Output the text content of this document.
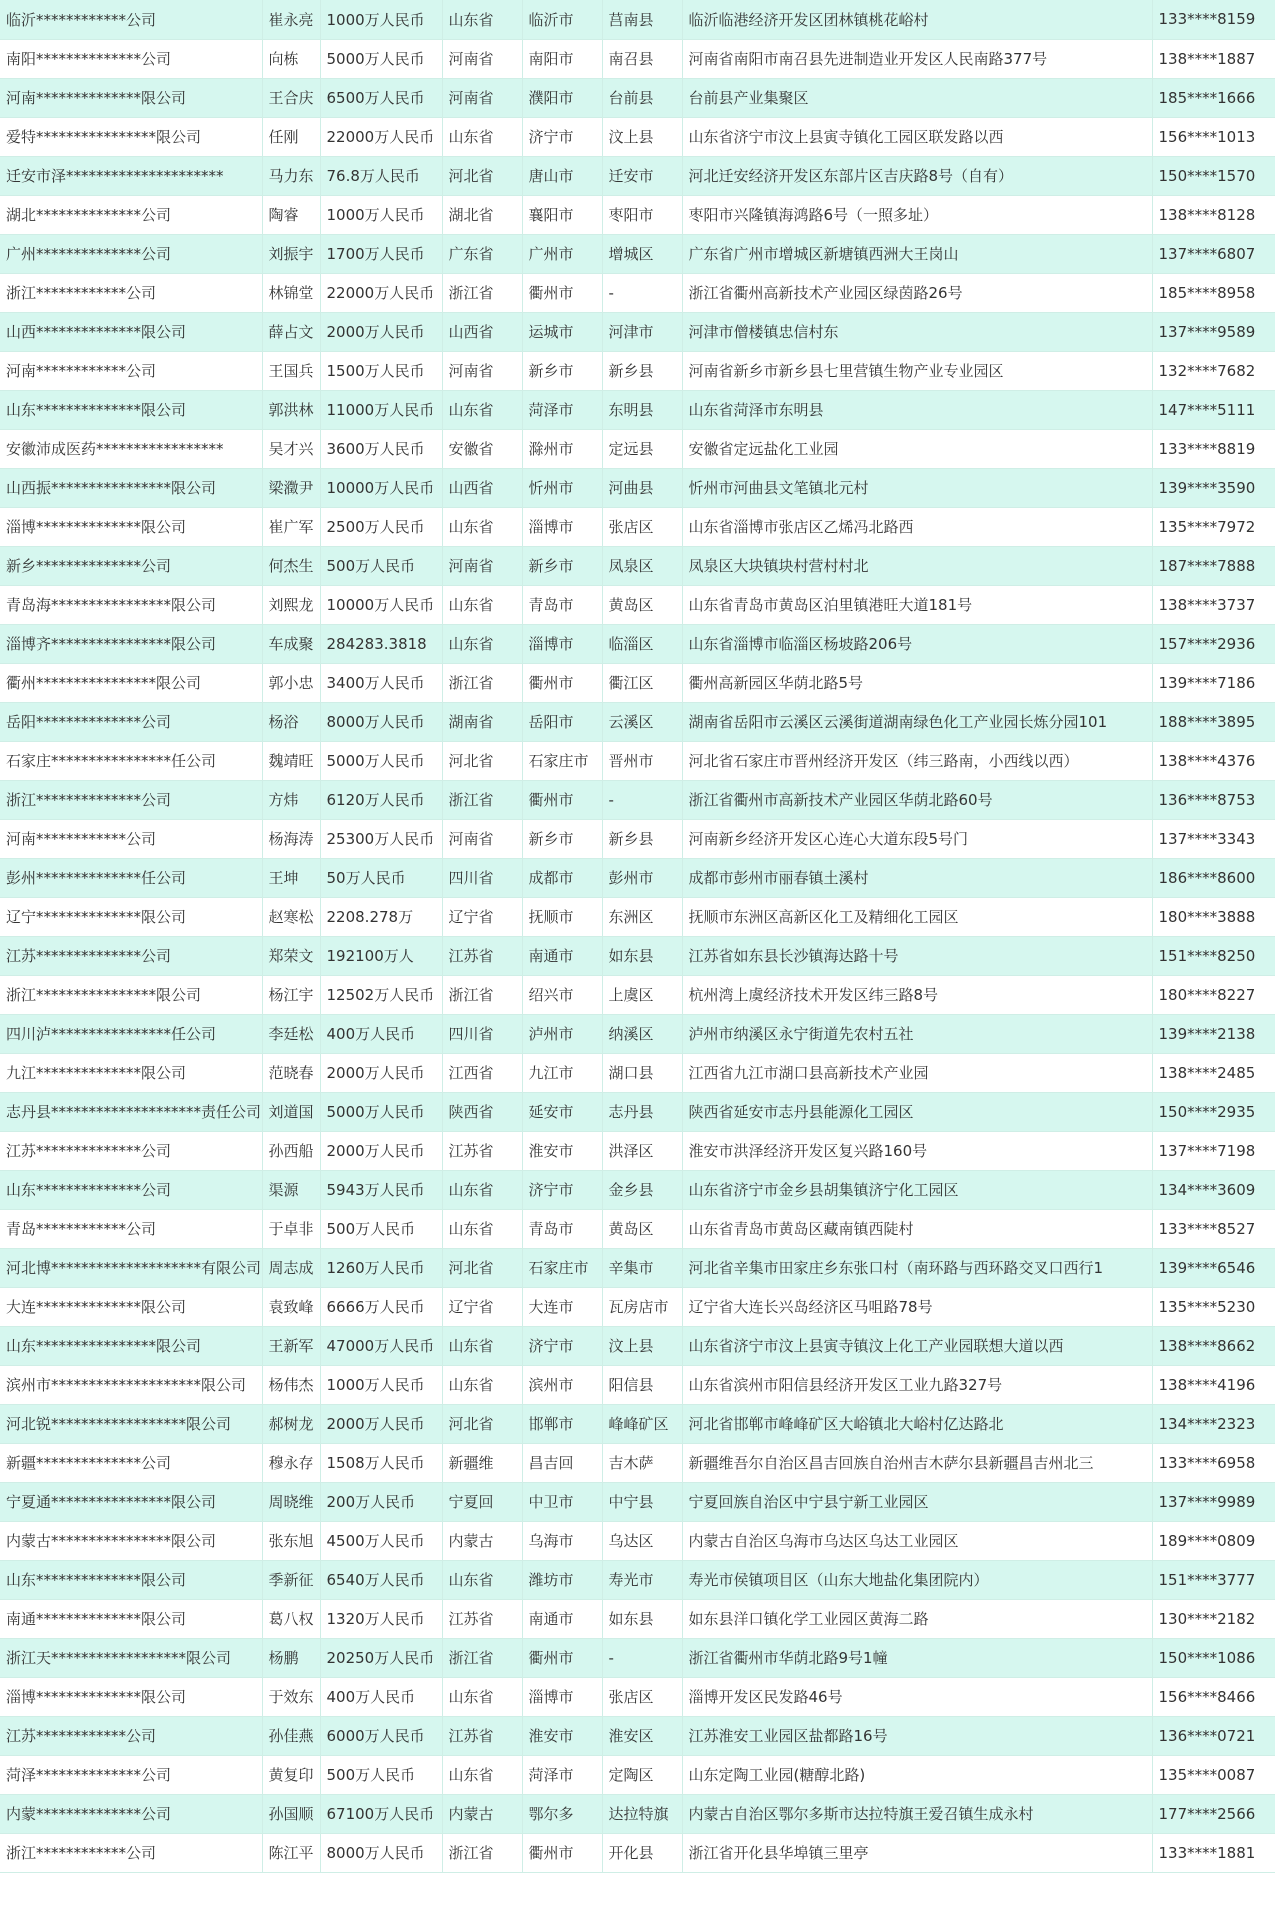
临沂************公司	崔永亮	1000万人民币	山东省	临沂市	莒南县	临沂临港经济开发区团林镇桃花峪村	133****8159
南阳**************公司	向栋	5000万人民币	河南省	南阳市	南召县	河南省南阳市南召县先进制造业开发区人民南路377号	138****1887
河南**************限公司	王合庆	6500万人民币	河南省	濮阳市	台前县	台前县产业集聚区	185****1666
爱特****************限公司	任刚	22000万人民币	山东省	济宁市	汶上县	山东省济宁市汶上县寅寺镇化工园区联发路以西	156****1013
迁安市泽*********************	马力东	76.8万人民币	河北省	唐山市	迁安市	河北迁安经济开发区东部片区吉庆路8号（自有）	150****1570
湖北**************公司	陶睿	1000万人民币	湖北省	襄阳市	枣阳市	枣阳市兴隆镇海鸿路6号（一照多址）	138****8128
广州**************公司	刘振宇	1700万人民币	广东省	广州市	增城区	广东省广州市增城区新塘镇西洲大王岗山	137****6807
浙江************公司	林锦堂	22000万人民币	浙江省	衢州市	-	浙江省衢州高新技术产业园区绿茵路26号	185****8958
山西**************限公司	薛占文	2000万人民币	山西省	运城市	河津市	河津市僧楼镇忠信村东	137****9589
河南************公司	王国兵	1500万人民币	河南省	新乡市	新乡县	河南省新乡市新乡县七里营镇生物产业专业园区	132****7682
山东**************限公司	郭洪林	11000万人民币	山东省	菏泽市	东明县	山东省菏泽市东明县	147****5111
安徽沛成医药*****************	吴才兴	3600万人民币	安徽省	滁州市	定远县	安徽省定远盐化工业园	133****8819
山西振****************限公司	梁瀓尹	10000万人民币	山西省	忻州市	河曲县	忻州市河曲县文笔镇北元村	139****3590
淄博**************限公司	崔广军	2500万人民币	山东省	淄博市	张店区	山东省淄博市张店区乙烯冯北路西	135****7972
新乡**************公司	何杰生	500万人民币	河南省	新乡市	凤泉区	凤泉区大块镇块村营村村北	187****7888
青岛海****************限公司	刘熙龙	10000万人民币	山东省	青岛市	黄岛区	山东省青岛市黄岛区泊里镇港旺大道181号	138****3737
淄博齐****************限公司	车成聚	284283.3818	山东省	淄博市	临淄区	山东省淄博市临淄区杨坡路206号	157****2936
衢州****************限公司	郭小忠	3400万人民币	浙江省	衢州市	衢江区	衢州高新园区华荫北路5号	139****7186
岳阳**************公司	杨浴	8000万人民币	湖南省	岳阳市	云溪区	湖南省岳阳市云溪区云溪街道湖南绿色化工产业园长炼分园101	188****3895
石家庄****************任公司	魏靖旺	5000万人民币	河北省	石家庄市	晋州市	河北省石家庄市晋州经济开发区（纬三路南，小西线以西）	138****4376
浙江**************公司	方炜	6120万人民币	浙江省	衢州市	-	浙江省衢州市高新技术产业园区华荫北路60号	136****8753
河南************公司	杨海涛	25300万人民币	河南省	新乡市	新乡县	河南新乡经济开发区心连心大道东段5号门	137****3343
彭州**************任公司	王坤	50万人民币	四川省	成都市	彭州市	成都市彭州市丽春镇土溪村	186****8600
辽宁**************限公司	赵寒松	2208.278万	辽宁省	抚顺市	东洲区	抚顺市东洲区高新区化工及精细化工园区	180****3888
江苏**************公司	郑荣文	192100万人	江苏省	南通市	如东县	江苏省如东县长沙镇海达路十号	151****8250
浙江****************限公司	杨江宇	12502万人民币	浙江省	绍兴市	上虞区	杭州湾上虞经济技术开发区纬三路8号	180****8227
四川泸****************任公司	李廷松	400万人民币	四川省	泸州市	纳溪区	泸州市纳溪区永宁街道先农村五社	139****2138
九江**************限公司	范晓春	2000万人民币	江西省	九江市	湖口县	江西省九江市湖口县高新技术产业园	138****2485
志丹县********************责任公司	刘道国	5000万人民币	陕西省	延安市	志丹县	陕西省延安市志丹县能源化工园区	150****2935
江苏**************公司	孙西船	2000万人民币	江苏省	淮安市	洪泽区	淮安市洪泽经济开发区复兴路160号	137****7198
山东**************公司	渠源	5943万人民币	山东省	济宁市	金乡县	山东省济宁市金乡县胡集镇济宁化工园区	134****3609
青岛************公司	于卓非	500万人民币	山东省	青岛市	黄岛区	山东省青岛市黄岛区藏南镇西陡村	133****8527
河北博********************有限公司	周志成	1260万人民币	河北省	石家庄市	辛集市	河北省辛集市田家庄乡东张口村（南环路与西环路交叉口西行1	139****6546
大连**************限公司	袁致峰	6666万人民币	辽宁省	大连市	瓦房店市	辽宁省大连长兴岛经济区马咀路78号	135****5230
山东****************限公司	王新军	47000万人民币	山东省	济宁市	汶上县	山东省济宁市汶上县寅寺镇汶上化工产业园联想大道以西	138****8662
滨州市********************限公司	杨伟杰	1000万人民币	山东省	滨州市	阳信县	山东省滨州市阳信县经济开发区工业九路327号	138****4196
河北锐******************限公司	郝树龙	2000万人民币	河北省	邯郸市	峰峰矿区	河北省邯郸市峰峰矿区大峪镇北大峪村亿达路北	134****2323
新疆**************公司	穆永存	1508万人民币	新疆维	昌吉回	吉木萨	新疆维吾尔自治区昌吉回族自治州吉木萨尔县新疆昌吉州北三	133****6958
宁夏通****************限公司	周晓维	200万人民币	宁夏回	中卫市	中宁县	宁夏回族自治区中宁县宁新工业园区	137****9989
内蒙古****************限公司	张东旭	4500万人民币	内蒙古	乌海市	乌达区	内蒙古自治区乌海市乌达区乌达工业园区	189****0809
山东**************限公司	季新征	6540万人民币	山东省	潍坊市	寿光市	寿光市侯镇项目区（山东大地盐化集团院内）	151****3777
南通**************限公司	葛八权	1320万人民币	江苏省	南通市	如东县	如东县洋口镇化学工业园区黄海二路	130****2182
浙江天******************限公司	杨鹏	20250万人民币	浙江省	衢州市	-	浙江省衢州市华荫北路9号1幢	150****1086
淄博**************限公司	于效东	400万人民币	山东省	淄博市	张店区	淄博开发区民发路46号	156****8466
江苏************公司	孙佳燕	6000万人民币	江苏省	淮安市	淮安区	江苏淮安工业园区盐都路16号	136****0721
菏泽**************公司	黄复印	500万人民币	山东省	菏泽市	定陶区	山东定陶工业园(糖醇北路)	135****0087
内蒙**************公司	孙国顺	67100万人民币	内蒙古	鄂尔多	达拉特旗	内蒙古自治区鄂尔多斯市达拉特旗王爱召镇生成永村	177****2566
浙江************公司	陈江平	8000万人民币	浙江省	衢州市	开化县	浙江省开化县华埠镇三里亭	133****1881
